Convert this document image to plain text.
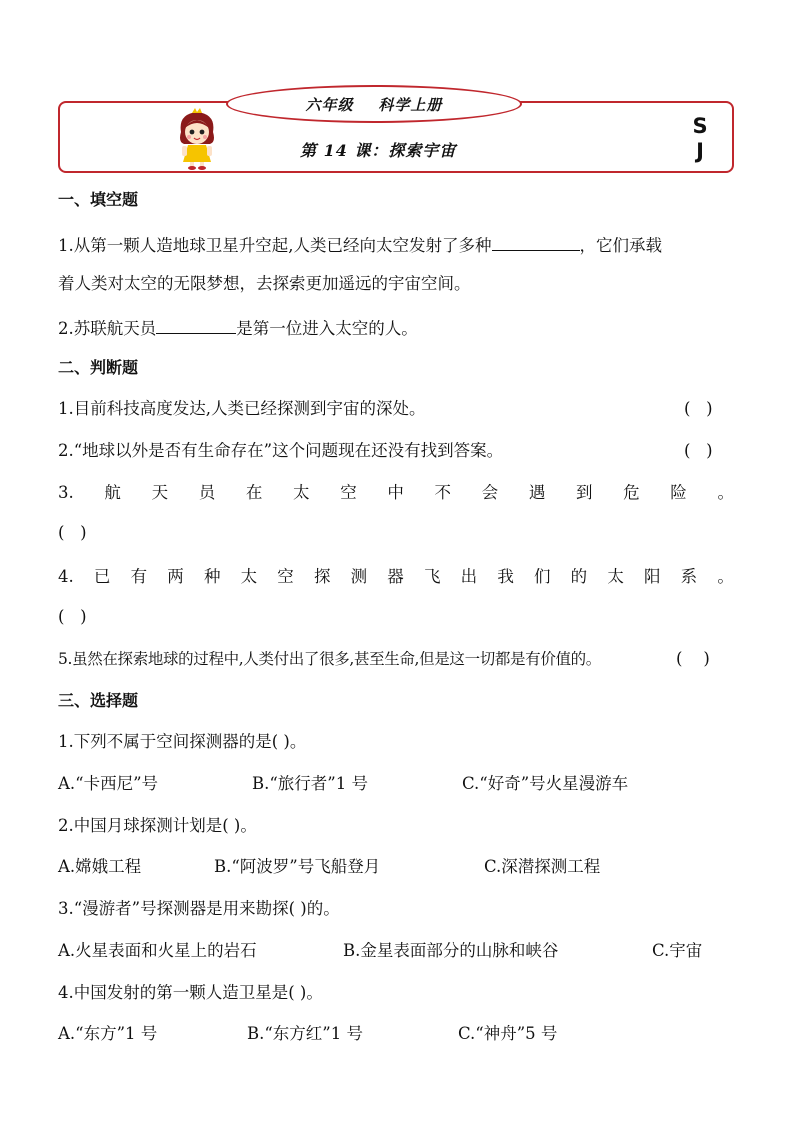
六年级    科学上册
第 14 课：探索宇宙
S
J
一、填空题
1.从第一颗人造地球卫星升空起,人类已经向太空发射了多种	，它们承载
着人类对太空的无限梦想，去探索更加遥远的宇宙空间。
2.苏联航天员	是第一位进入太空的人。
二、判断题
1.目前科技高度发达,人类已经探测到宇宙的深处。	(   )
2.“地球以外是否有生命存在”这个问题现在还没有找到答案。	(   )
3. 航 天 员 在 太 空 中 不 会 遇 到 危 险 。
(   )
4. 已 有 两 种 太 空 探 测 器 飞 出 我 们 的 太 阳 系 。
(   )
5.虽然在探索地球的过程中,人类付出了很多,甚至生命,但是这一切都是有价值的。	(    )
三、选择题
1.下列不属于空间探测器的是( )。
A.“卡西尼”号	B.“旅行者”1 号	C.“好奇”号火星漫游车
2.中国月球探测计划是( )。
A.嫦娥工程	B.“阿波罗”号飞船登月	C.深潜探测工程
3.“漫游者”号探测器是用来勘探( )的。
A.火星表面和火星上的岩石	B.金星表面部分的山脉和峡谷	C.宇宙
4.中国发射的第一颗人造卫星是( )。
A.“东方”1 号	B.“东方红”1 号	C.“神舟”5 号
